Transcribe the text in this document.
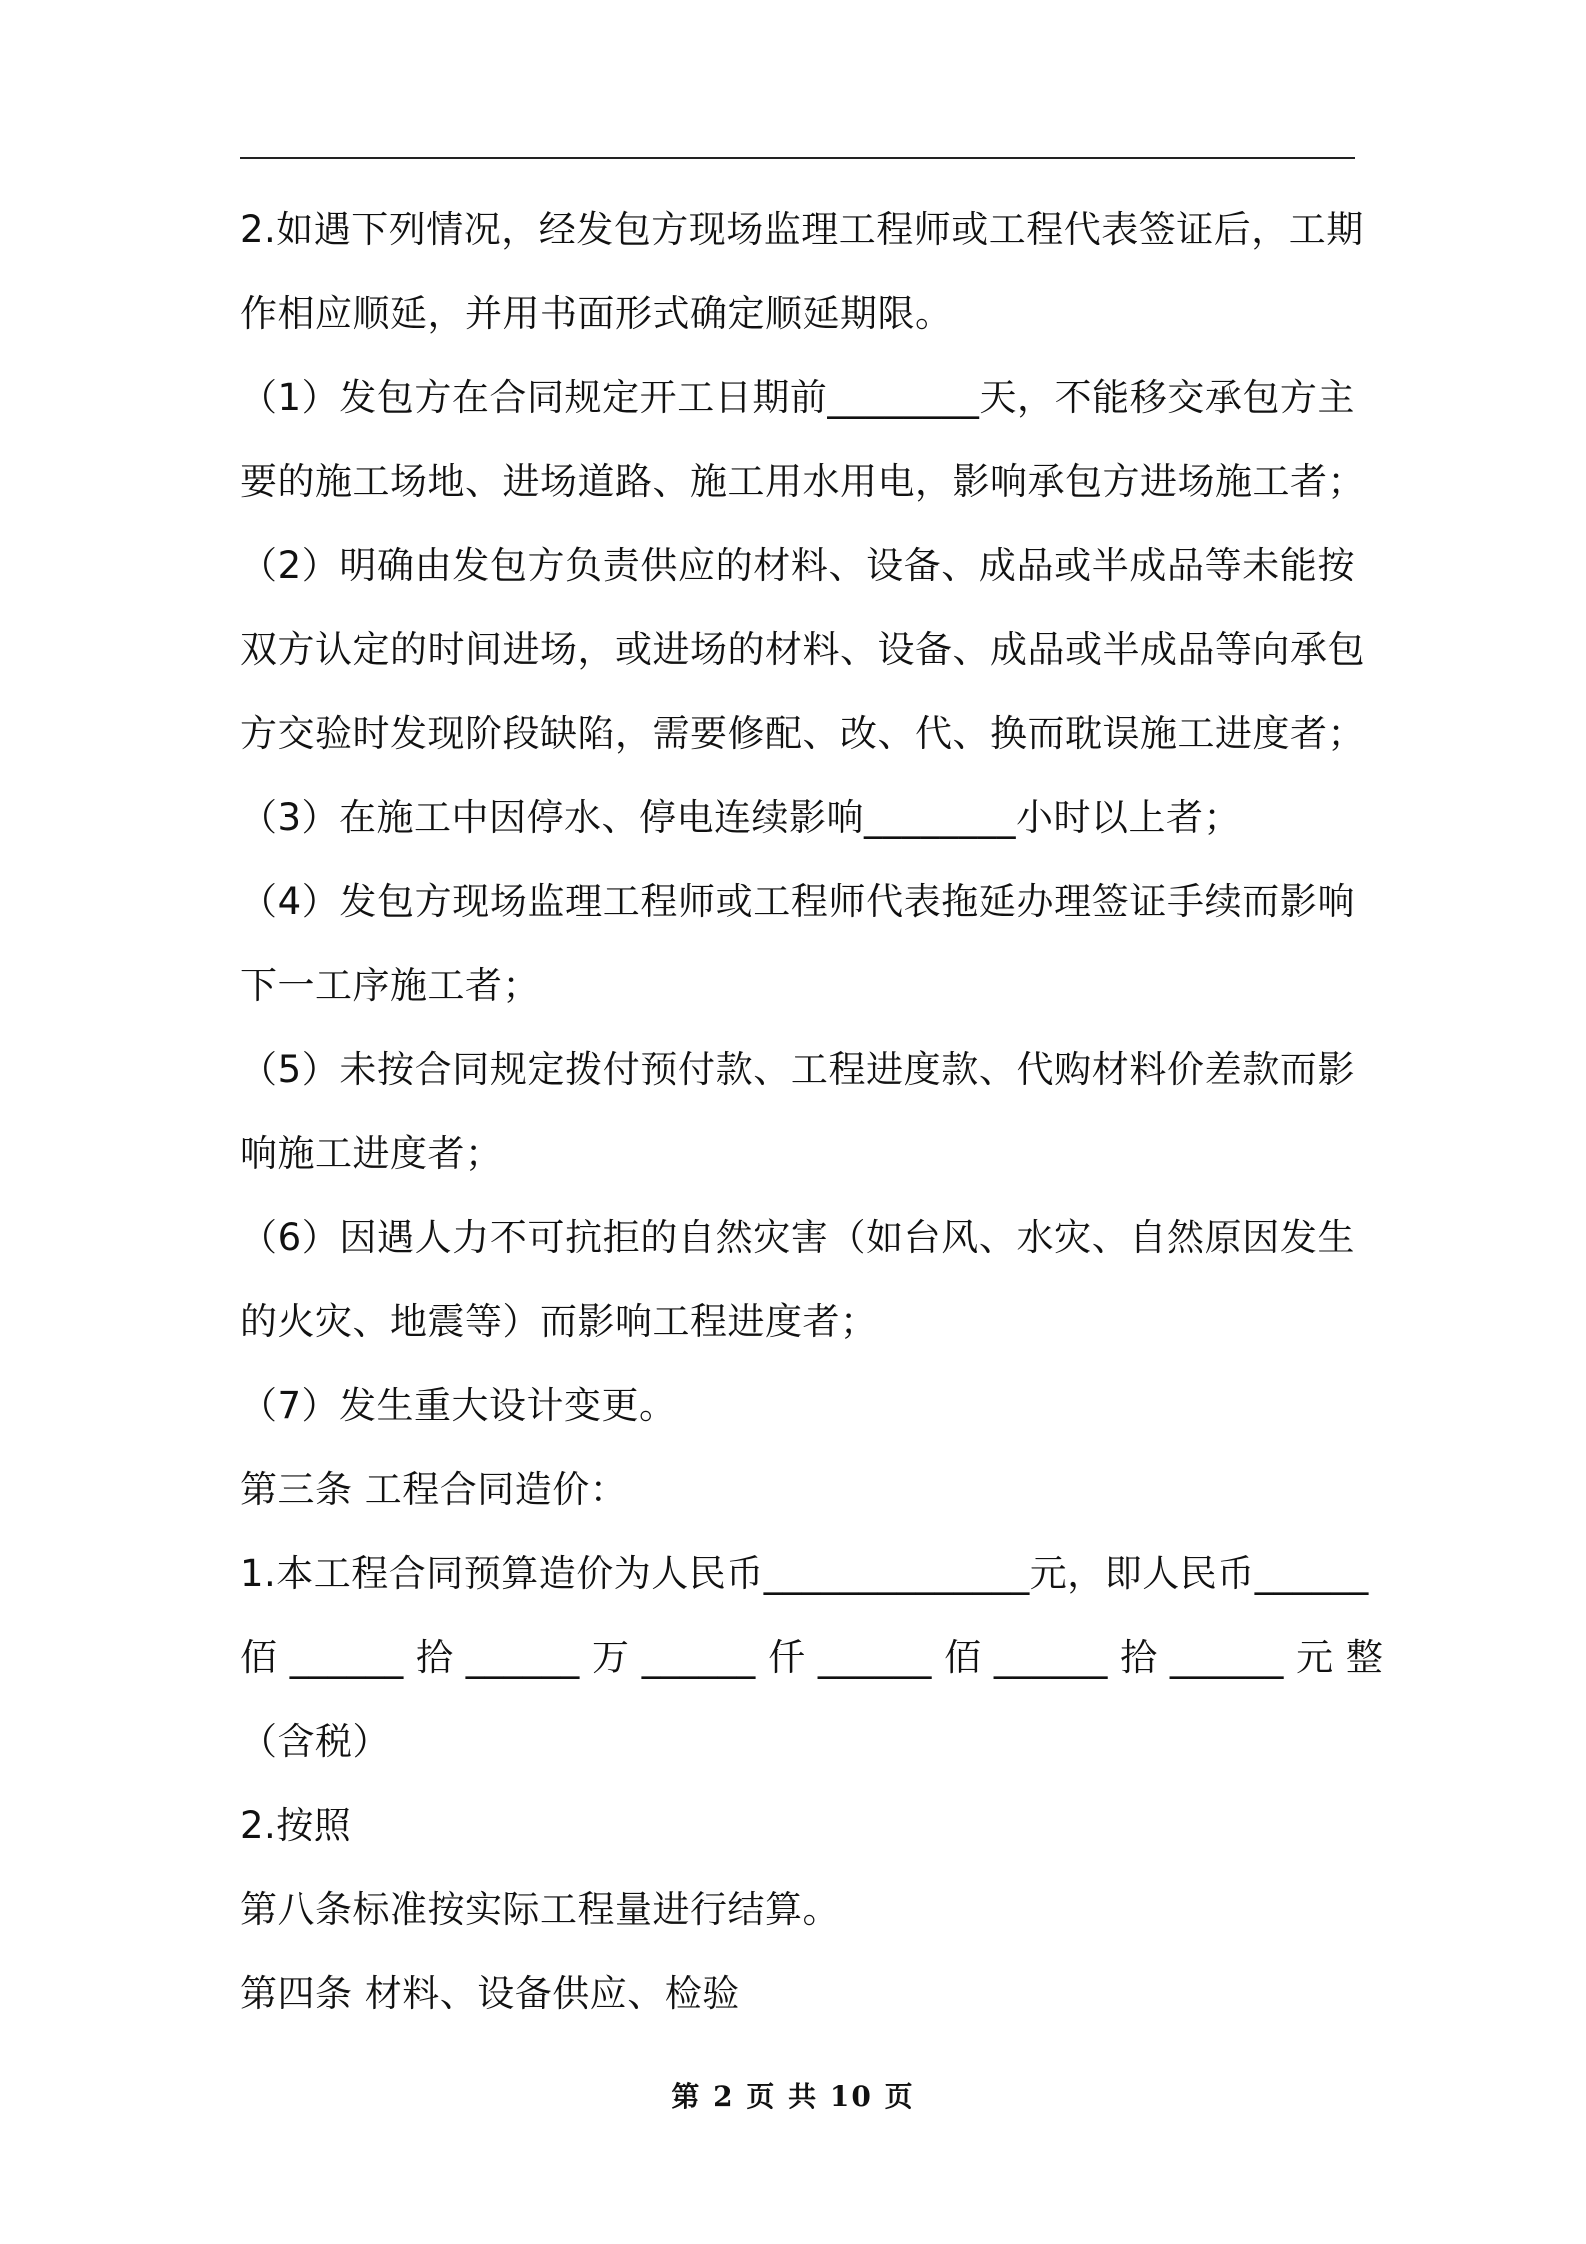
2.如遇下列情况，经发包方现场监理工程师或工程代表签证后，工期
作相应顺延，并用书面形式确定顺延期限。
（1）发包方在合同规定开工日期前________天，不能移交承包方主
要的施工场地、进场道路、施工用水用电，影响承包方进场施工者；
（2）明确由发包方负责供应的材料、设备、成品或半成品等未能按
双方认定的时间进场，或进场的材料、设备、成品或半成品等向承包
方交验时发现阶段缺陷，需要修配、改、代、换而耽误施工进度者；
（3）在施工中因停水、停电连续影响________小时以上者；
（4）发包方现场监理工程师或工程师代表拖延办理签证手续而影响
下一工序施工者；
（5）未按合同规定拨付预付款、工程进度款、代购材料价差款而影
响施工进度者；
（6）因遇人力不可抗拒的自然灾害（如台风、水灾、自然原因发生
的火灾、地震等）而影响工程进度者；
（7）发生重大设计变更。
第三条 工程合同造价：
1.本工程合同预算造价为人民币______________元，即人民币______
佰 ______ 拾 ______ 万 ______ 仟 ______ 佰 ______ 拾 ______ 元 整
（含税）
2.按照
第八条标准按实际工程量进行结算。
第四条 材料、设备供应、检验
第 2 页 共 10 页
